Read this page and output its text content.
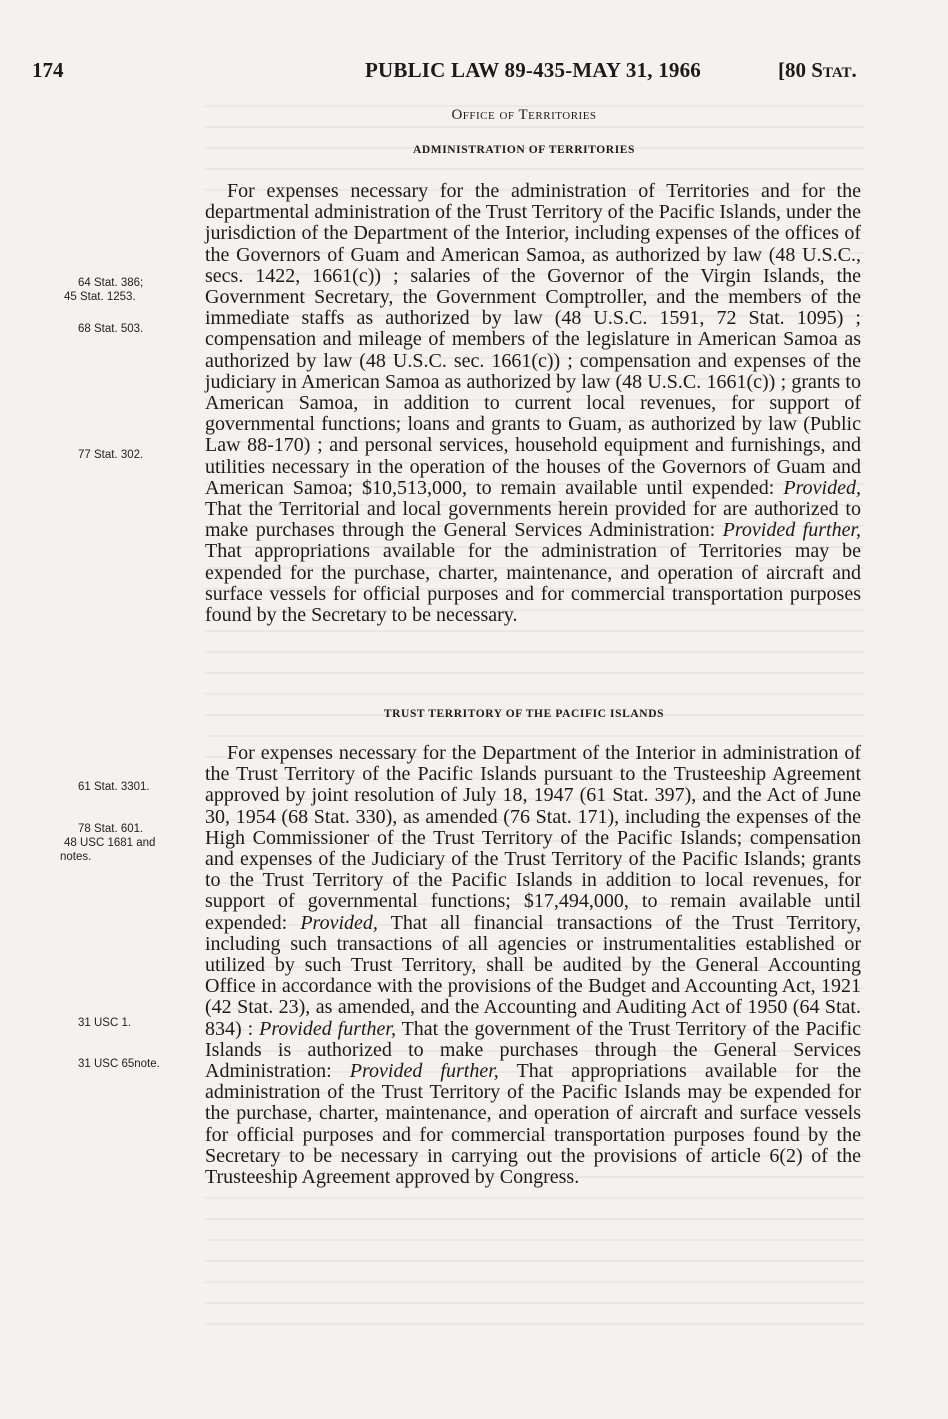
174	PUBLIC LAW 89-435-MAY 31, 1966	[80 Stat.
Office of Territories
ADMINISTRATION OF TERRITORIES
For expenses necessary for the administration of Territories and for the departmental administration of the Trust Territory of the Pacific Islands, under the jurisdiction of the Department of the Interior, including expenses of the offices of the Governors of Guam and American Samoa, as authorized by law (48 U.S.C., secs. 1422, 1661(c)) ; salaries of the Governor of the Virgin Islands, the Government Secretary, the Government Comptroller, and the members of the immediate staffs as authorized by law (48 U.S.C. 1591, 72 Stat. 1095) ; compensation and mileage of members of the legislature in American Samoa as authorized by law (48 U.S.C. sec. 1661(c)) ; compensation and expenses of the judiciary in American Samoa as authorized by law (48 U.S.C. 1661(c)) ; grants to American Samoa, in addition to current local revenues, for support of governmental functions; loans and grants to Guam, as authorized by law (Public Law 88-170) ; and personal services, household equipment and furnishings, and utilities necessary in the operation of the houses of the Governors of Guam and American Samoa; $10,513,000, to remain available until expended: Provided, That the Territorial and local governments herein provided for are authorized to make purchases through the General Services Administration: Provided further, That appropriations available for the administration of Territories may be expended for the purchase, charter, maintenance, and operation of aircraft and surface vessels for official purposes and for commercial transportation purposes found by the Secretary to be necessary.
TRUST TERRITORY OF THE PACIFIC ISLANDS
For expenses necessary for the Department of the Interior in administration of the Trust Territory of the Pacific Islands pursuant to the Trusteeship Agreement approved by joint resolution of July 18, 1947 (61 Stat. 397), and the Act of June 30, 1954 (68 Stat. 330), as amended (76 Stat. 171), including the expenses of the High Commissioner of the Trust Territory of the Pacific Islands; compensation and expenses of the Judiciary of the Trust Territory of the Pacific Islands; grants to the Trust Territory of the Pacific Islands in addition to local revenues, for support of governmental functions; $17,494,000, to remain available until expended: Provided, That all financial transactions of the Trust Territory, including such transactions of all agencies or instrumentalities established or utilized by such Trust Territory, shall be audited by the General Accounting Office in accordance with the provisions of the Budget and Accounting Act, 1921 (42 Stat. 23), as amended, and the Accounting and Auditing Act of 1950 (64 Stat. 834) : Provided further, That the government of the Trust Territory of the Pacific Islands is authorized to make purchases through the General Services Administration: Provided further, That appropriations available for the administration of the Trust Territory of the Pacific Islands may be expended for the purchase, charter, maintenance, and operation of aircraft and surface vessels for official purposes and for commercial transportation purposes found by the Secretary to be necessary in carrying out the provisions of article 6(2) of the Trusteeship Agreement approved by Congress.
64 Stat. 386;
45 Stat. 1253.
68 Stat. 503.
77 Stat. 302.
61 Stat. 3301.
78 Stat. 601.
48 USC 1681 and
notes.
31 USC 1.
31 USC 65note.
